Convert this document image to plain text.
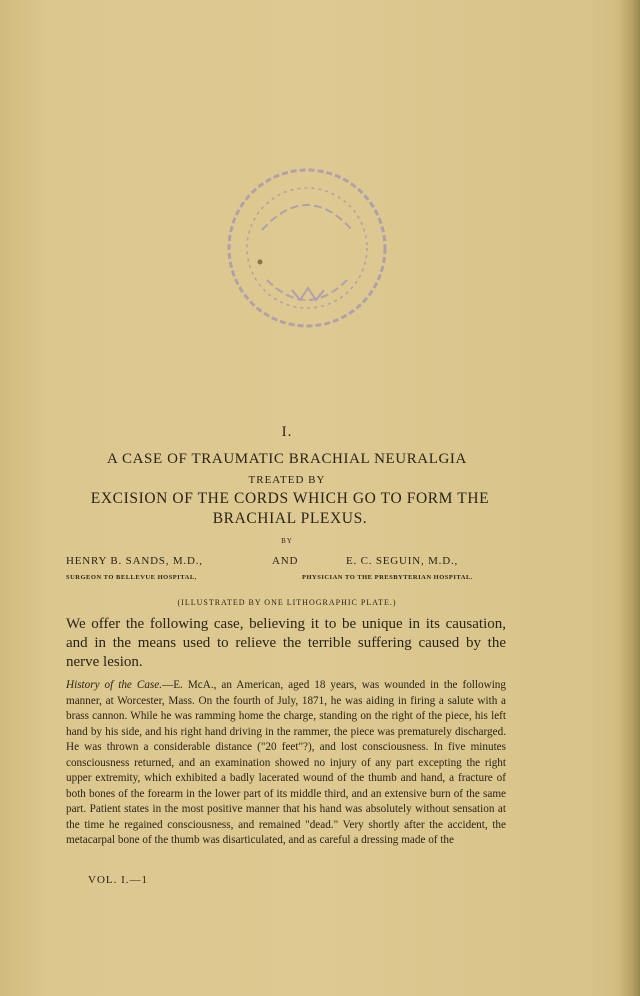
I.
A CASE OF TRAUMATIC BRACHIAL NEURALGIA
TREATED BY
EXCISION OF THE CORDS WHICH GO TO FORM THE
BRACHIAL PLEXUS.
BY
HENRY B. SANDS, M.D.,	AND	E. C. SEGUIN, M.D.,
SURGEON TO BELLEVUE HOSPITAL,	PHYSICIAN TO THE PRESBYTERIAN HOSPITAL.
(ILLUSTRATED BY ONE LITHOGRAPHIC PLATE.)
We offer the following case, believing it to be unique in its causation, and in the means used to relieve the terrible suffering caused by the nerve lesion.
History of the Case.—E. McA., an American, aged 18 years, was wounded in the following manner, at Worcester, Mass. On the fourth of July, 1871, he was aiding in firing a salute with a brass cannon. While he was ramming home the charge, standing on the right of the piece, his left hand by his side, and his right hand driving in the rammer, the piece was prematurely discharged. He was thrown a considerable distance ("20 feet"?), and lost consciousness. In five minutes consciousness returned, and an examination showed no injury of any part excepting the right upper extremity, which exhibited a badly lacerated wound of the thumb and hand, a fracture of both bones of the forearm in the lower part of its middle third, and an extensive burn of the same part. Patient states in the most positive manner that his hand was absolutely without sensation at the time he regained consciousness, and remained "dead." Very shortly after the accident, the metacarpal bone of the thumb was disarticulated, and as careful a dressing made of the
VOL. I.—1
